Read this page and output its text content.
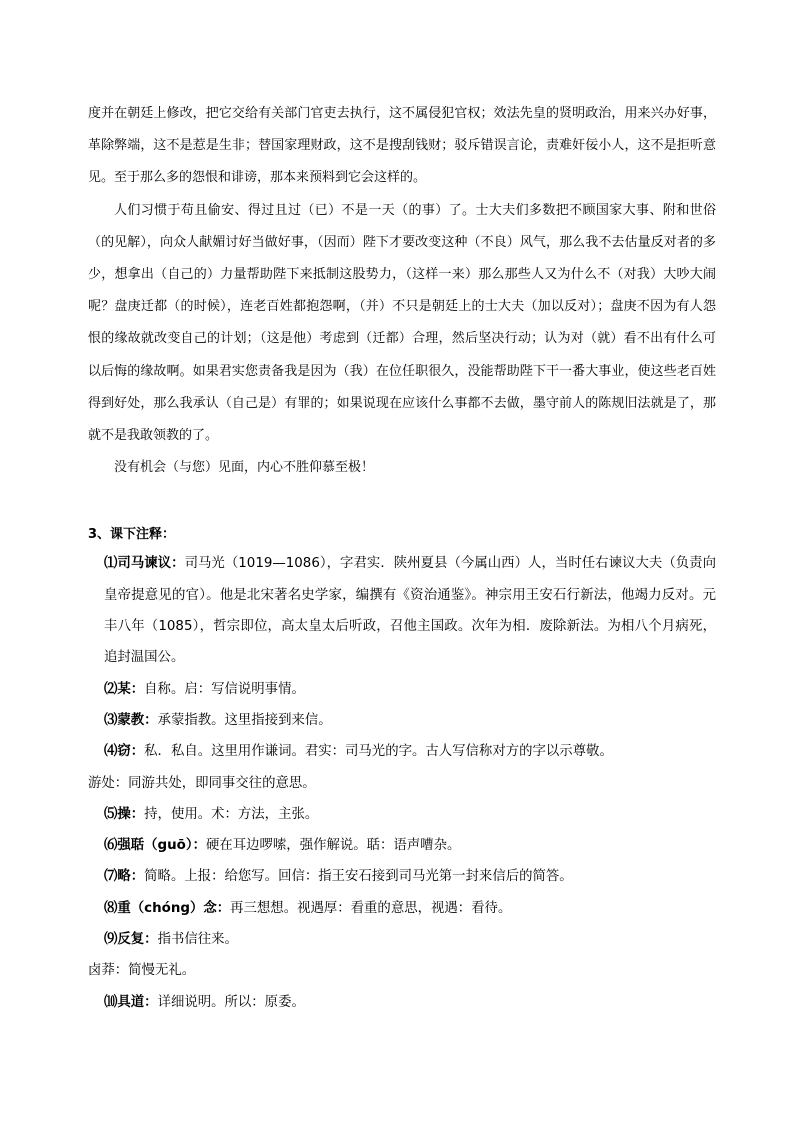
度并在朝廷上修改，把它交给有关部门官吏去执行，这不属侵犯官权；效法先皇的贤明政治，用来兴办好事，革除弊端，这不是惹是生非；替国家理财政，这不是搜刮钱财；驳斥错误言论，责难奸佞小人，这不是拒听意见。至于那么多的怨恨和诽谤，那本来预料到它会这样的。

人们习惯于苟且偷安、得过且过（已）不是一天（的事）了。士大夫们多数把不顾国家大事、附和世俗（的见解），向众人献媚讨好当做好事，（因而）陛下才要改变这种（不良）风气，那么我不去估量反对者的多少，想拿出（自己的）力量帮助陛下来抵制这股势力，（这样一来）那么那些人又为什么不（对我）大吵大闹呢？盘庚迁都（的时候），连老百姓都抱怨啊，（并）不只是朝廷上的士大夫（加以反对）；盘庚不因为有人怨恨的缘故就改变自己的计划；（这是他）考虑到（迁都）合理，然后坚决行动；认为对（就）看不出有什么可以后悔的缘故啊。如果君实您责备我是因为（我）在位任职很久，没能帮助陛下干一番大事业，使这些老百姓得到好处，那么我承认（自己是）有罪的；如果说现在应该什么事都不去做，墨守前人的陈规旧法就是了，那就不是我敢领教的了。

没有机会（与您）见面，内心不胜仰慕至极！

3、课下注释：

⑴司马谏议：司马光（1019—1086），字君实．陕州夏县（今属山西）人，当时任右谏议大夫（负责向皇帝提意见的官）。他是北宋著名史学家，编撰有《资治通鉴》。神宗用王安石行新法，他竭力反对。元丰八年（1085），哲宗即位，高太皇太后听政，召他主国政。次年为相．废除新法。为相八个月病死，追封温国公。

⑵某：自称。启：写信说明事情。

⑶蒙教：承蒙指教。这里指接到来信。

⑷窃：私．私自。这里用作谦词。君实：司马光的字。古人写信称对方的字以示尊敬。

游处：同游共处，即同事交往的意思。

⑸操：持，使用。术：方法，主张。

⑹强聒（guō）：硬在耳边啰嗦，强作解说。聒：语声嘈杂。

⑺略：简略。上报：给您写。回信：指王安石接到司马光第一封来信后的简答。

⑻重（chóng）念：再三想想。视遇厚：看重的意思，视遇：看待。

⑼反复：指书信往来。

卤莽：简慢无礼。

⑽具道：详细说明。所以：原委。
